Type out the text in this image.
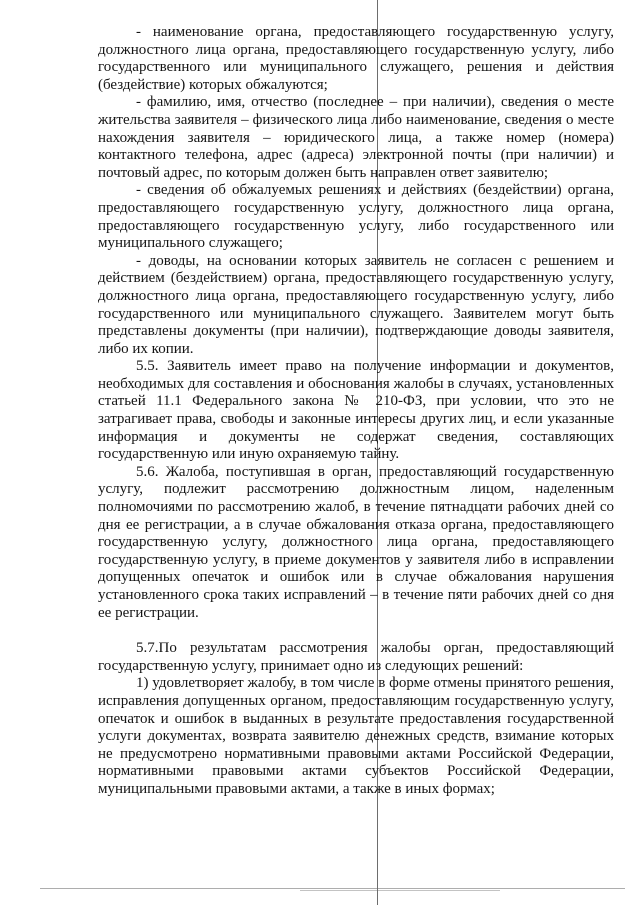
- наименование органа, предоставляющего государственную услугу, должностного лица органа, предоставляющего государственную услугу, либо государственного или муниципального служащего, решения и действия (бездействие) которых обжалуются;

- фамилию, имя, отчество (последнее – при наличии), сведения о месте жительства заявителя – физического лица либо наименование, сведения о месте нахождения заявителя – юридического лица, а также номер (номера) контактного телефона, адрес (адреса) электронной почты (при наличии) и почтовый адрес, по которым должен быть направлен ответ заявителю;

- сведения об обжалуемых решениях и действиях (бездействии) органа, предоставляющего государственную услугу, должностного лица органа, предоставляющего государственную услугу, либо государственного или муниципального служащего;

- доводы, на основании которых заявитель не согласен с решением и действием (бездействием) органа, предоставляющего государственную услугу, должностного лица органа, предоставляющего государственную услугу, либо государственного или муниципального служащего. Заявителем могут быть представлены документы (при наличии), подтверждающие доводы заявителя, либо их копии.

5.5. Заявитель имеет право на получение информации и документов, необходимых для составления и обоснования жалобы в случаях, установленных статьей 11.1 Федерального закона № 210-ФЗ, при условии, что это не затрагивает права, свободы и законные интересы других лиц, и если указанные информация и документы не содержат сведения, составляющих государственную или иную охраняемую тайну.

5.6. Жалоба, поступившая в орган, предоставляющий государственную услугу, подлежит рассмотрению должностным лицом, наделенным полномочиями по рассмотрению жалоб, в течение пятнадцати рабочих дней со дня ее регистрации, а в случае обжалования отказа органа, предоставляющего государственную услугу, должностного лица органа, предоставляющего государственную услугу, в приеме документов у заявителя либо в исправлении допущенных опечаток и ошибок или в случае обжалования нарушения установленного срока таких исправлений – в течение пяти рабочих дней со дня ее регистрации.

5.7.По результатам рассмотрения жалобы орган, предоставляющий государственную услугу, принимает одно из следующих решений:

1) удовлетворяет жалобу, в том числе в форме отмены принятого решения, исправления допущенных органом, предоставляющим государственную услугу, опечаток и ошибок в выданных в результате предоставления государственной услуги документах, возврата заявителю денежных средств, взимание которых не предусмотрено нормативными правовыми актами Российской Федерации, нормативными правовыми актами субъектов Российской Федерации, муниципальными правовыми актами, а также в иных формах;
